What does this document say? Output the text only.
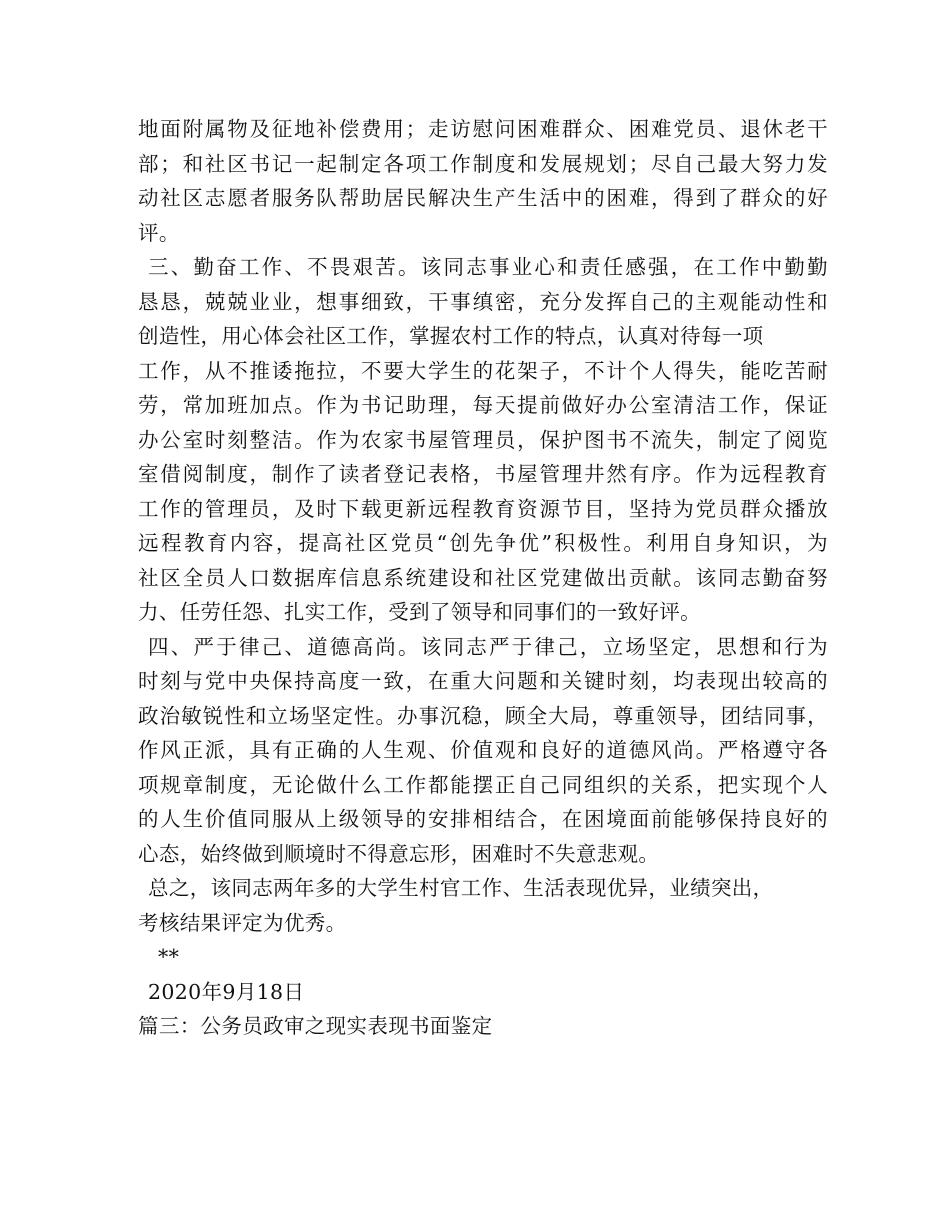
地面附属物及征地补偿费用；走访慰问困难群众、困难党员、退休老干
部；和社区书记一起制定各项工作制度和发展规划；尽自己最大努力发
动社区志愿者服务队帮助居民解决生产生活中的困难，得到了群众的好
评。
三、勤奋工作、不畏艰苦。该同志事业心和责任感强，在工作中勤勤
恳恳，兢兢业业，想事细致，干事缜密，充分发挥自己的主观能动性和
创造性，用心体会社区工作，掌握农村工作的特点，认真对待每一项
工作，从不推诿拖拉，不要大学生的花架子，不计个人得失，能吃苦耐
劳，常加班加点。作为书记助理，每天提前做好办公室清洁工作，保证
办公室时刻整洁。作为农家书屋管理员，保护图书不流失，制定了阅览
室借阅制度，制作了读者登记表格，书屋管理井然有序。作为远程教育
工作的管理员，及时下载更新远程教育资源节目，坚持为党员群众播放
远程教育内容，提高社区党员“创先争优”积极性。利用自身知识，为
社区全员人口数据库信息系统建设和社区党建做出贡献。该同志勤奋努
力、任劳任怨、扎实工作，受到了领导和同事们的一致好评。
四、严于律己、道德高尚。该同志严于律己，立场坚定，思想和行为
时刻与党中央保持高度一致，在重大问题和关键时刻，均表现出较高的
政治敏锐性和立场坚定性。办事沉稳，顾全大局，尊重领导，团结同事，
作风正派，具有正确的人生观、价值观和良好的道德风尚。严格遵守各
项规章制度，无论做什么工作都能摆正自己同组织的关系，把实现个人
的人生价值同服从上级领导的安排相结合，在困境面前能够保持良好的
心态，始终做到顺境时不得意忘形，困难时不失意悲观。
总之，该同志两年多的大学生村官工作、生活表现优异，业绩突出，
考核结果评定为优秀。
**
2020年9月18日
篇三：公务员政审之现实表现书面鉴定
